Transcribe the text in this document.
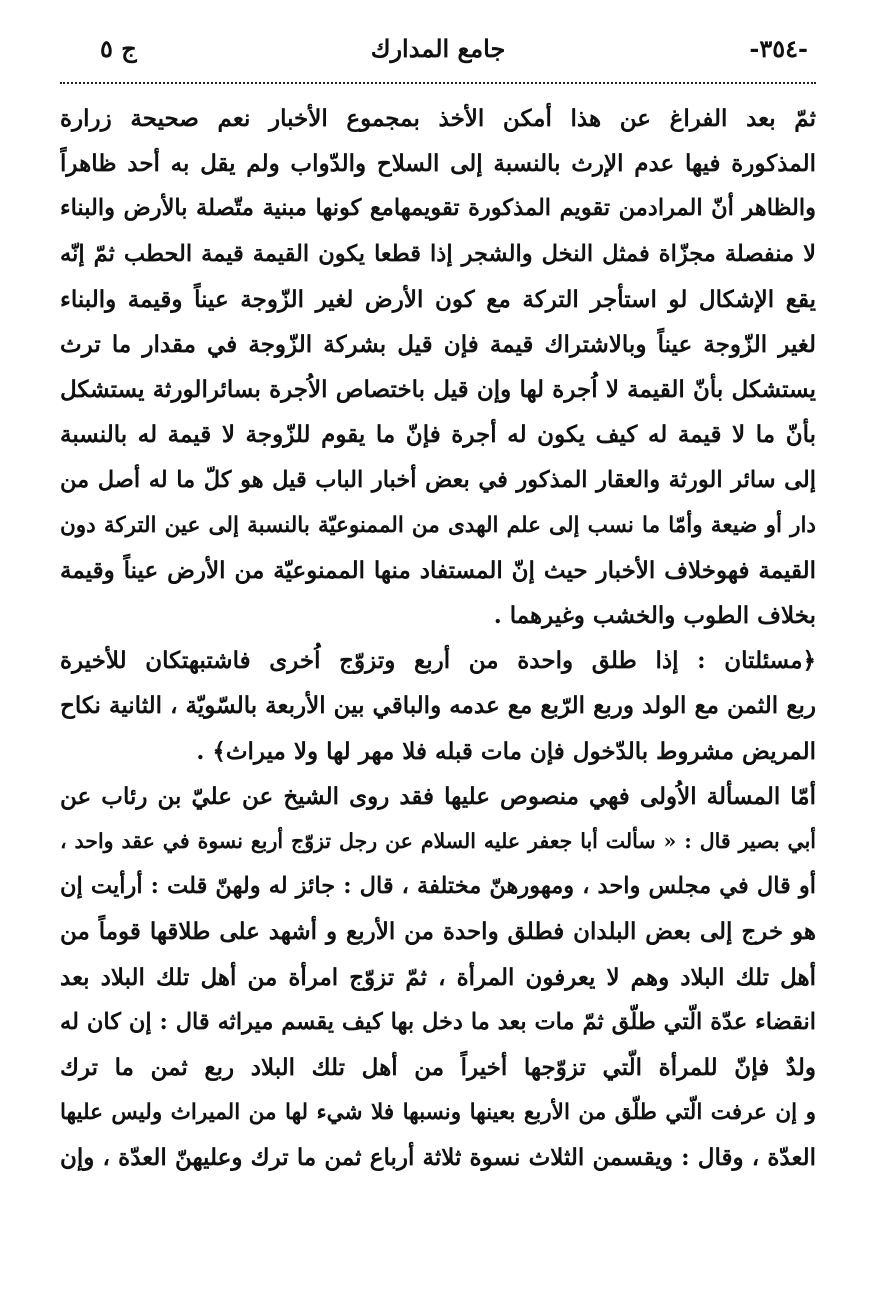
-٣٥٤-
جامع المدارك
ج ٥
ثمّ بعد الفراغ عن هذا أمكن الأخذ بمجموع الأخبار نعم صحيحة زرارة
المذكورة فيها عدم الإرث بالنسبة إلى السلاح والدّواب ولم يقل به أحد ظاهراً
والظاهر أنّ المرادمن تقويم المذكورة تقويمهامع كونها مبنية متّصلة بالأرض والبناء
لا منفصلة مجزّاة فمثل النخل والشجر إذا قطعا يكون القيمة قيمة الحطب ثمّ إنّه
يقع الإشكال لو استأجر التركة مع كون الأرض لغير الزّوجة عيناً وقيمة والبناء
لغير الزّوجة عيناً وبالاشتراك قيمة فإن قيل بشركة الزّوجة في مقدار ما ترث
يستشكل بأنّ القيمة لا اُجرة لها وإن قيل باختصاص الاُجرة بسائرالورثة يستشكل
بأنّ ما لا قيمة له كيف يكون له أجرة فإنّ ما يقوم للزّوجة لا قيمة له بالنسبة
إلى سائر الورثة والعقار المذكور في بعض أخبار الباب قيل هو كلّ ما له أصل من
دار أو ضيعة وأمّا ما نسب إلى علم الهدى من الممنوعيّة بالنسبة إلى عين التركة دون
القيمة فهوخلاف الأخبار حيث إنّ المستفاد منها الممنوعيّة من الأرض عيناً وقيمة
بخلاف الطوب والخشب وغيرهما .
﴿مسئلتان : إذا طلق واحدة من أربع وتزوّج اُخرى فاشتبهتكان للأخيرة
ربع الثمن مع الولد وربع الرّبع مع عدمه والباقي بين الأربعة بالسّويّة ، الثانية نكاح
المريض مشروط بالدّخول فإن مات قبله فلا مهر لها ولا ميراث﴾ .
أمّا المسألة الاُولى فهي منصوص عليها فقد روى الشيخ عن عليّ بن رئاب عن
أبي بصير قال : « سألت أبا جعفر عليه السلام عن رجل تزوّج أربع نسوة في عقد واحد ،
أو قال في مجلس واحد ، ومهورهنّ مختلفة ، قال : جائز له ولهنّ قلت : أرأيت إن
هو خرج إلى بعض البلدان فطلق واحدة من الأربع و أشهد على طلاقها قوماً من
أهل تلك البلاد وهم لا يعرفون المرأة ، ثمّ تزوّج امرأة من أهل تلك البلاد بعد
انقضاء عدّة الّتي طلّق ثمّ مات بعد ما دخل بها كيف يقسم ميراثه قال : إن كان له
ولدٌ فإنّ للمرأة الّتي تزوّجها أخيراً من أهل تلك البلاد ربع ثمن ما ترك
و إن عرفت الّتي طلّق من الأربع بعينها ونسبها فلا شيء لها من الميراث وليس عليها
العدّة ، وقال : ويقسمن الثلاث نسوة ثلاثة أرباع ثمن ما ترك وعليهنّ العدّة ، وإن
